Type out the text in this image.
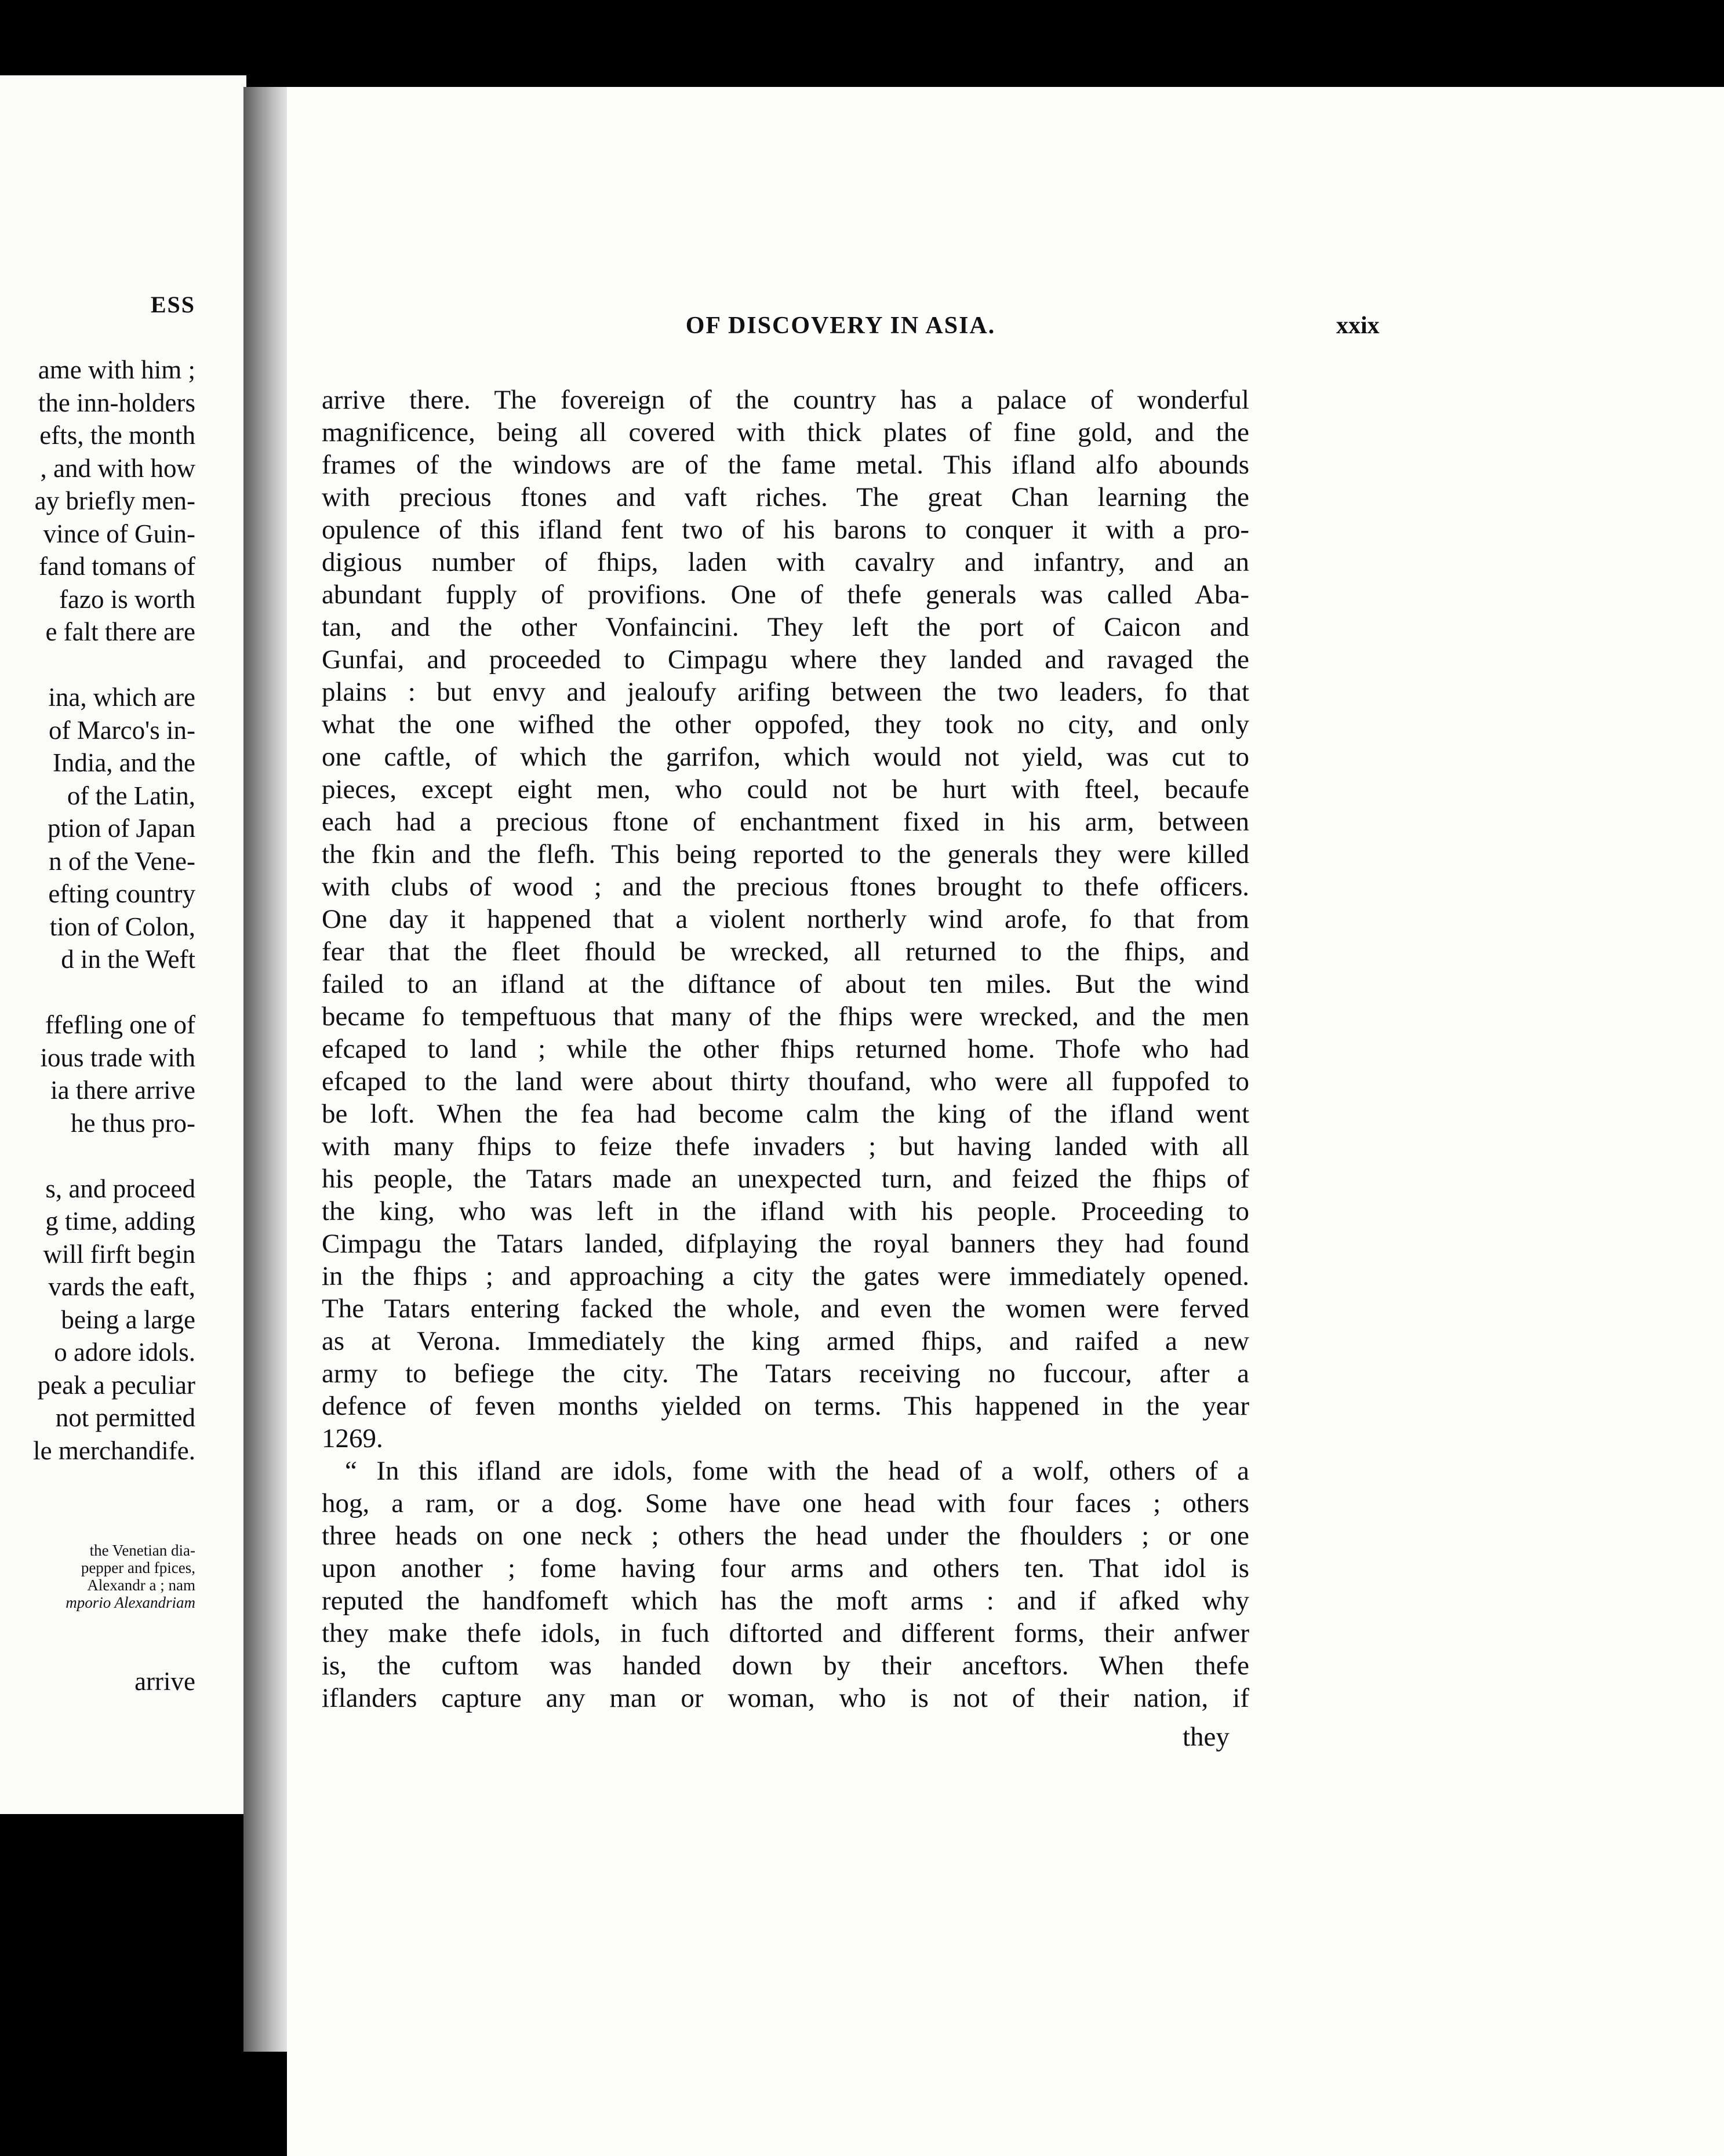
ESS
ame with him ;
the inn-holders
efts, the month
, and with how
ay briefly men-
vince of Guin-
fand tomans of
fazo is worth
e falt there are
ina, which are
of Marco's in-
India, and the
of the Latin,
ption of Japan
n of the Vene-
efting country
tion of Colon,
d in the Weft
ffefling one of
ious trade with
ia there arrive
he thus pro-
s, and proceed
g time, adding
will firft begin
vards the eaft,
being a large
o adore idols.
peak a peculiar
not permitted
le merchandife.
the Venetian dia-
pepper and fpices,
Alexandr a ; nam
mporio Alexandriam
arrive
OF DISCOVERY IN ASIA.	xxix
arrive there. The fovereign of the country has a palace of wonderful
magnificence, being all covered with thick plates of fine gold, and the
frames of the windows are of the fame metal. This ifland alfo abounds
with precious ftones and vaft riches. The great Chan learning the
opulence of this ifland fent two of his barons to conquer it with a pro-
digious number of fhips, laden with cavalry and infantry, and an
abundant fupply of provifions. One of thefe generals was called Aba-
tan, and the other Vonfaincini. They left the port of Caicon and
Gunfai, and proceeded to Cimpagu where they landed and ravaged the
plains : but envy and jealoufy arifing between the two leaders, fo that
what the one wifhed the other oppofed, they took no city, and only
one caftle, of which the garrifon, which would not yield, was cut to
pieces, except eight men, who could not be hurt with fteel, becaufe
each had a precious ftone of enchantment fixed in his arm, between
the fkin and the flefh. This being reported to the generals they were killed
with clubs of wood ; and the precious ftones brought to thefe officers.
One day it happened that a violent northerly wind arofe, fo that from
fear that the fleet fhould be wrecked, all returned to the fhips, and
failed to an ifland at the diftance of about ten miles. But the wind
became fo tempeftuous that many of the fhips were wrecked, and the men
efcaped to land ; while the other fhips returned home. Thofe who had
efcaped to the land were about thirty thoufand, who were all fuppofed to
be loft. When the fea had become calm the king of the ifland went
with many fhips to feize thefe invaders ; but having landed with all
his people, the Tatars made an unexpected turn, and feized the fhips of
the king, who was left in the ifland with his people. Proceeding to
Cimpagu the Tatars landed, difplaying the royal banners they had found
in the fhips ; and approaching a city the gates were immediately opened.
The Tatars entering facked the whole, and even the women were ferved
as at Verona. Immediately the king armed fhips, and raifed a new
army to befiege the city. The Tatars receiving no fuccour, after a
defence of feven months yielded on terms. This happened in the year
1269.
“ In this ifland are idols, fome with the head of a wolf, others of a
hog, a ram, or a dog. Some have one head with four faces ; others
three heads on one neck ; others the head under the fhoulders ; or one
upon another ; fome having four arms and others ten. That idol is
reputed the handfomeft which has the moft arms : and if afked why
they make thefe idols, in fuch diftorted and different forms, their anfwer
is, the cuftom was handed down by their anceftors. When thefe
iflanders capture any man or woman, who is not of their nation, if
they
